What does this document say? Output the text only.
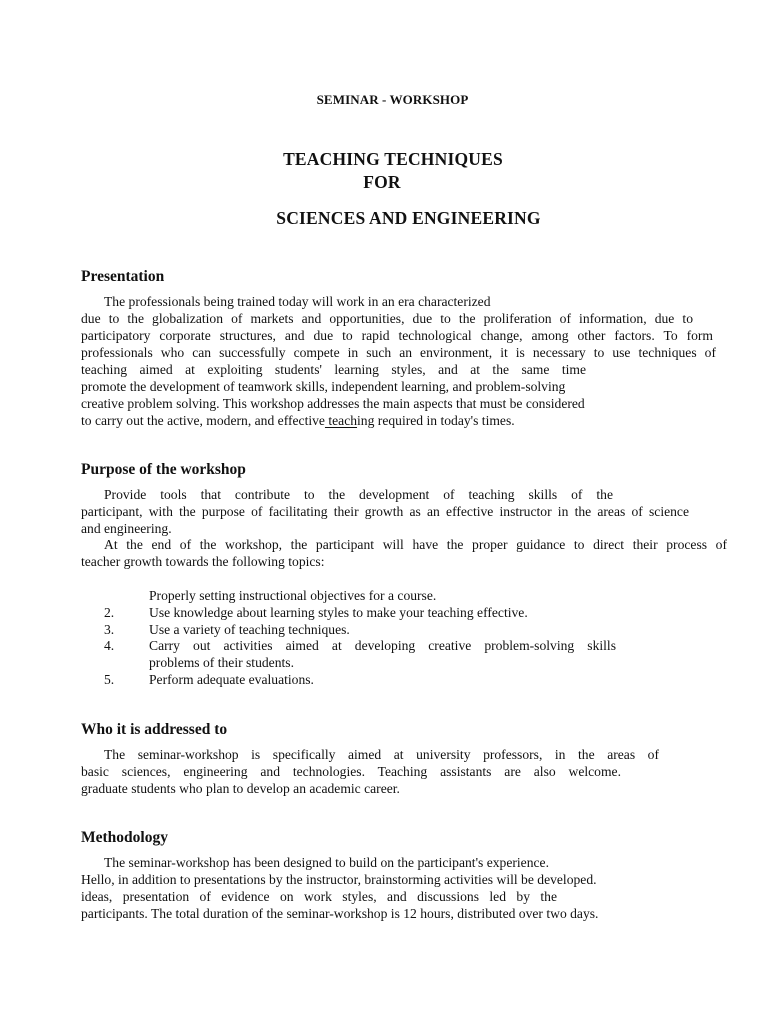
SEMINAR - WORKSHOP
TEACHING TECHNIQUES
FOR
SCIENCES AND ENGINEERING
Presentation
The professionals being trained today will work in an era characterized
due to the globalization of markets and opportunities, due to the proliferation of information, due to
participatory corporate structures, and due to rapid technological change, among other factors. To form
professionals who can successfully compete in such an environment, it is necessary to use techniques of
teaching aimed at exploiting students' learning styles, and at the same time
promote the development of teamwork skills, independent learning, and problem-solving
creative problem solving. This workshop addresses the main aspects that must be considered
to carry out the active, modern, and effective teaching required in today's times.
Purpose of the workshop
Provide tools that contribute to the development of teaching skills of the
participant, with the purpose of facilitating their growth as an effective instructor in the areas of science
and engineering.
At the end of the workshop, the participant will have the proper guidance to direct their process of
teacher growth towards the following topics:
Properly setting instructional objectives for a course.
2.	Use knowledge about learning styles to make your teaching effective.
3.	Use a variety of teaching techniques.
4.	Carry out activities aimed at developing creative problem-solving skills
problems of their students.
5.	Perform adequate evaluations.
Who it is addressed to
The seminar-workshop is specifically aimed at university professors, in the areas of
basic sciences, engineering and technologies. Teaching assistants are also welcome.
graduate students who plan to develop an academic career.
Methodology
The seminar-workshop has been designed to build on the participant's experience.
Hello, in addition to presentations by the instructor, brainstorming activities will be developed.
ideas, presentation of evidence on work styles, and discussions led by the
participants. The total duration of the seminar-workshop is 12 hours, distributed over two days.
